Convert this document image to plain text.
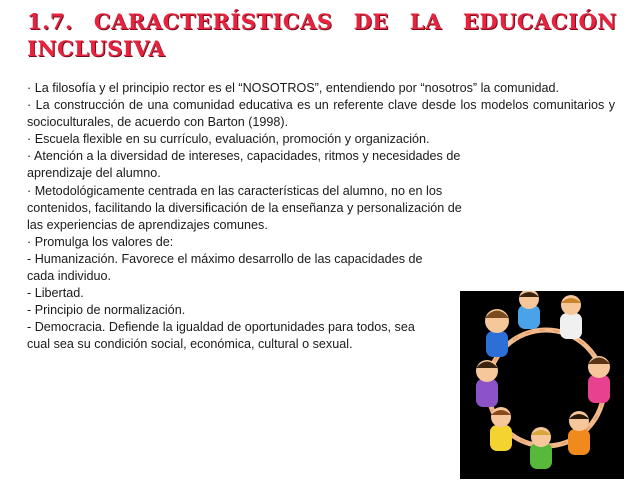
1.7. CARACTERÍSTICAS DE LA EDUCACIÓN
INCLUSIVA

· La filosofía y el principio rector es el “NOSOTROS”, entendiendo por “nosotros” la comunidad.

· La construcción de una comunidad educativa es un referente clave desde los modelos comunitarios y socioculturales, de acuerdo con Barton (1998).

· Escuela flexible en su currículo, evaluación, promoción y organización.

· Atención a la diversidad de intereses, capacidades, ritmos y necesidades de

aprendizaje del alumno.

· Metodológicamente centrada en las características del alumno, no en los

contenidos, facilitando la diversificación de la enseñanza y personalización de

las experiencias de aprendizajes comunes.

· Promulga los valores de:

- Humanización. Favorece el máximo desarrollo de las capacidades de

cada individuo.

- Libertad.

- Principio de normalización.

- Democracia. Defiende la igualdad de oportunidades para todos, sea

cual sea su condición social, económica, cultural o sexual.
